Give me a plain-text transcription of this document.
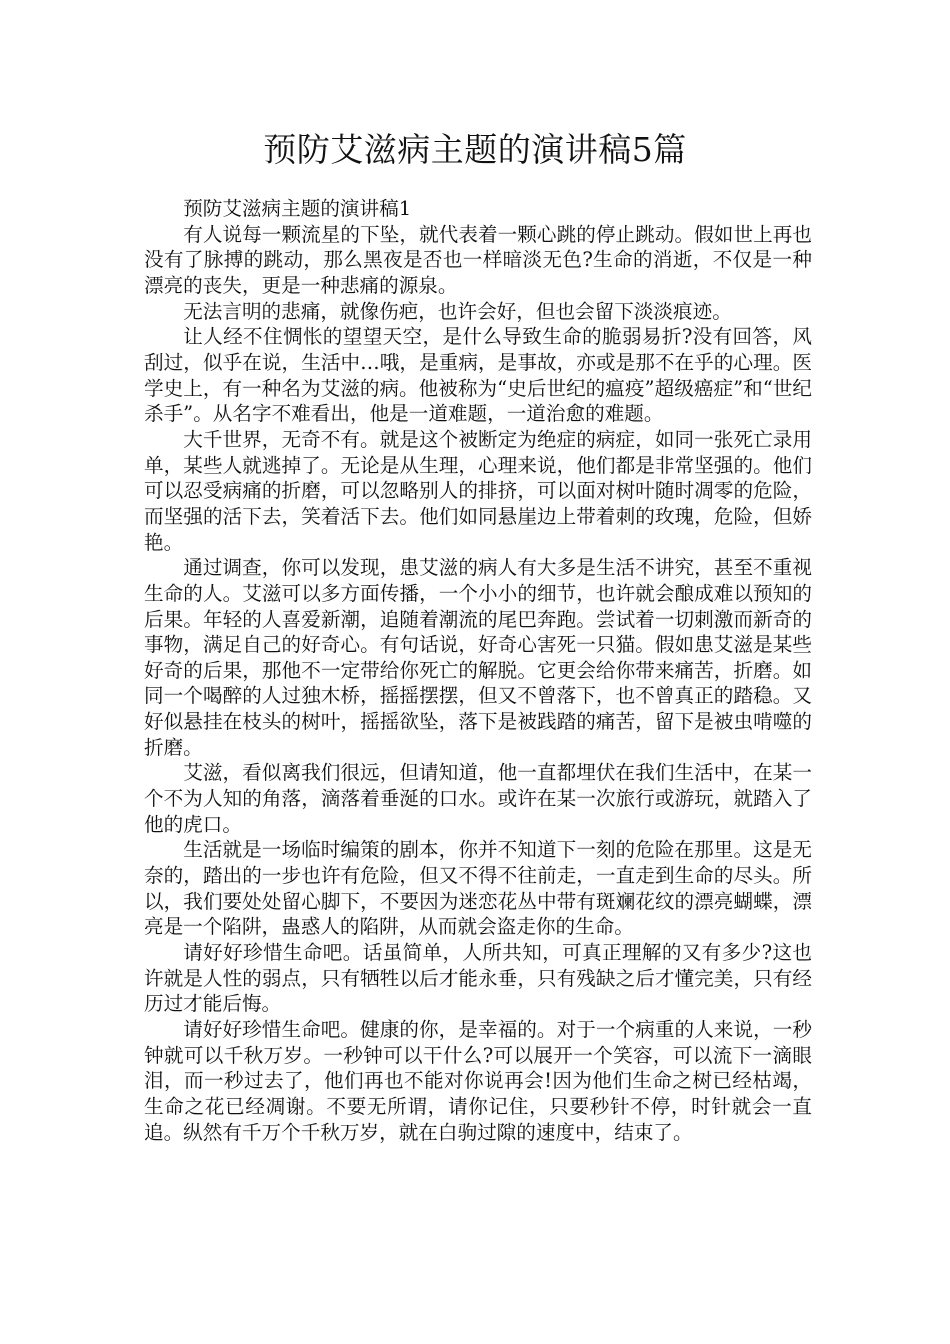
预防艾滋病主题的演讲稿5篇

预防艾滋病主题的演讲稿1

有人说每一颗流星的下坠，就代表着一颗心跳的停止跳动。假如世上再也没有了脉搏的跳动，那么黑夜是否也一样暗淡无色?生命的消逝，不仅是一种漂亮的丧失，更是一种悲痛的源泉。

无法言明的悲痛，就像伤疤，也许会好，但也会留下淡淡痕迹。

让人经不住惆怅的望望天空，是什么导致生命的脆弱易折?没有回答，风刮过，似乎在说，生活中…哦，是重病，是事故，亦或是那不在乎的心理。医学史上，有一种名为艾滋的病。他被称为“史后世纪的瘟疫”超级癌症”和“世纪杀手”。从名字不难看出，他是一道难题，一道治愈的难题。

大千世界，无奇不有。就是这个被断定为绝症的病症，如同一张死亡录用单，某些人就逃掉了。无论是从生理，心理来说，他们都是非常坚强的。他们可以忍受病痛的折磨，可以忽略别人的排挤，可以面对树叶随时凋零的危险，而坚强的活下去，笑着活下去。他们如同悬崖边上带着刺的玫瑰，危险，但娇艳。

通过调查，你可以发现，患艾滋的病人有大多是生活不讲究，甚至不重视生命的人。艾滋可以多方面传播，一个小小的细节，也许就会酿成难以预知的后果。年轻的人喜爱新潮，追随着潮流的尾巴奔跑。尝试着一切刺激而新奇的事物，满足自己的好奇心。有句话说，好奇心害死一只猫。假如患艾滋是某些好奇的后果，那他不一定带给你死亡的解脱。它更会给你带来痛苦，折磨。如同一个喝醉的人过独木桥，摇摇摆摆，但又不曾落下，也不曾真正的踏稳。又好似悬挂在枝头的树叶，摇摇欲坠，落下是被践踏的痛苦，留下是被虫啃噬的折磨。

艾滋，看似离我们很远，但请知道，他一直都埋伏在我们生活中，在某一个不为人知的角落，滴落着垂涎的口水。或许在某一次旅行或游玩，就踏入了他的虎口。

生活就是一场临时编策的剧本，你并不知道下一刻的危险在那里。这是无奈的，踏出的一步也许有危险，但又不得不往前走，一直走到生命的尽头。所以，我们要处处留心脚下，不要因为迷恋花丛中带有斑斓花纹的漂亮蝴蝶，漂亮是一个陷阱，蛊惑人的陷阱，从而就会盗走你的生命。

请好好珍惜生命吧。话虽简单，人所共知，可真正理解的又有多少?这也许就是人性的弱点，只有牺牲以后才能永垂，只有残缺之后才懂完美，只有经历过才能后悔。

请好好珍惜生命吧。健康的你，是幸福的。对于一个病重的人来说，一秒钟就可以千秋万岁。一秒钟可以干什么?可以展开一个笑容，可以流下一滴眼泪，而一秒过去了，他们再也不能对你说再会!因为他们生命之树已经枯竭，生命之花已经凋谢。不要无所谓，请你记住，只要秒针不停，时针就会一直追。纵然有千万个千秋万岁，就在白驹过隙的速度中，结束了。
